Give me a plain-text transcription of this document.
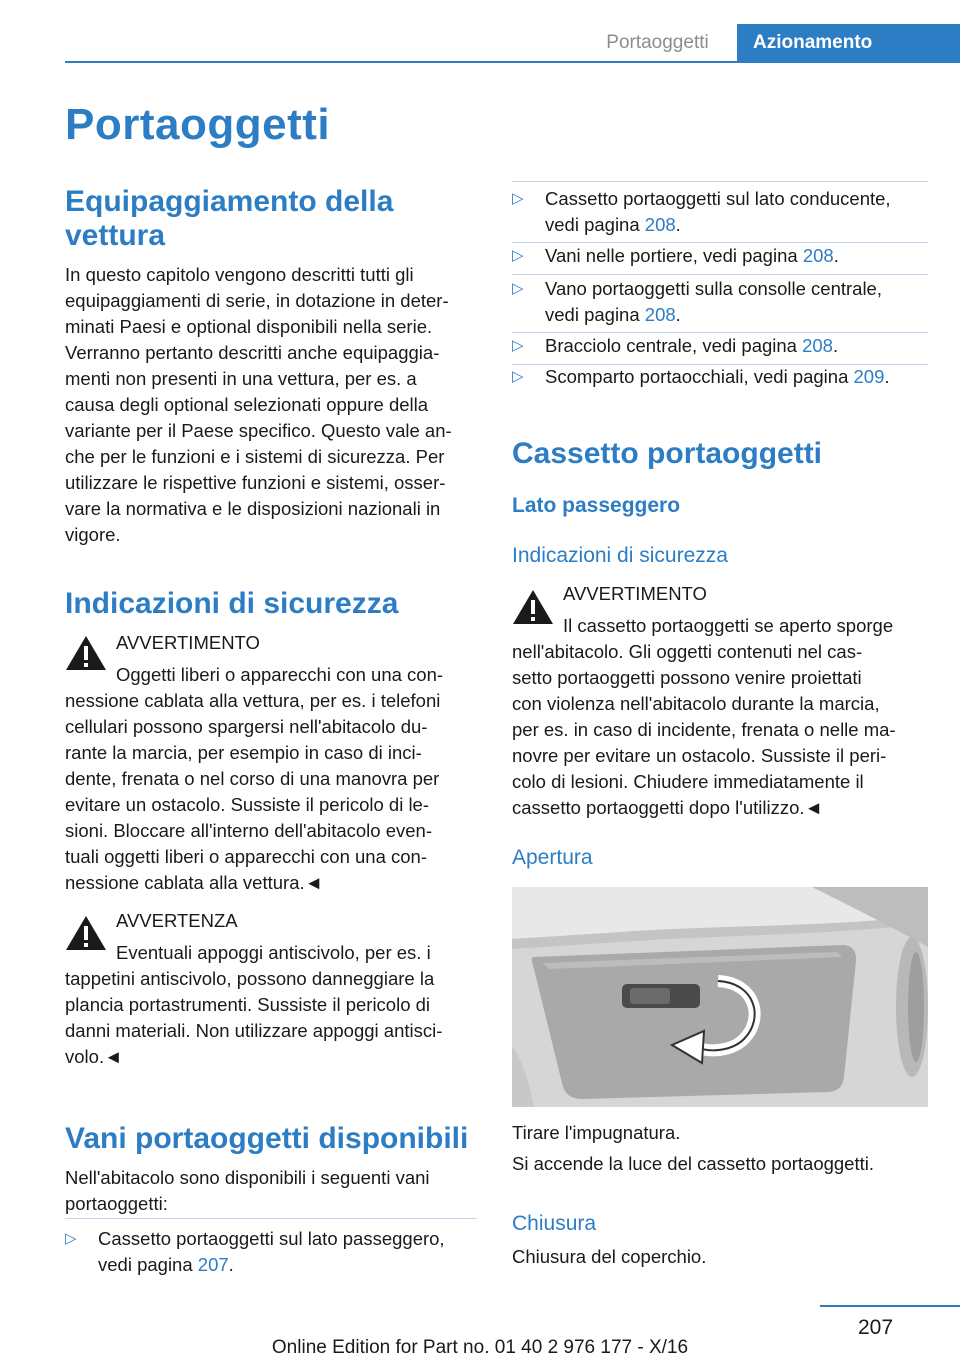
Portaoggetti	Azionamento
Portaoggetti
Equipaggiamento della
vettura
In questo capitolo vengono descritti tutti gli
equipaggiamenti di serie, in dotazione in deter-
minati Paesi e optional disponibili nella serie.
Verranno pertanto descritti anche equipaggia-
menti non presenti in una vettura, per es. a
causa degli optional selezionati oppure della
variante per il Paese specifico. Questo vale an-
che per le funzioni e i sistemi di sicurezza. Per
utilizzare le rispettive funzioni e sistemi, osser-
vare la normativa e le disposizioni nazionali in
vigore.
Indicazioni di sicurezza
AVVERTIMENTO
Oggetti liberi o apparecchi con una con-
nessione cablata alla vettura, per es. i telefoni
cellulari possono spargersi nell'abitacolo du-
rante la marcia, per esempio in caso di inci-
dente, frenata o nel corso di una manovra per
evitare un ostacolo. Sussiste il pericolo di le-
sioni. Bloccare all'interno dell'abitacolo even-
tuali oggetti liberi o apparecchi con una con-
nessione cablata alla vettura.◄
AVVERTENZA
Eventuali appoggi antiscivolo, per es. i
tappetini antiscivolo, possono danneggiare la
plancia portastrumenti. Sussiste il pericolo di
danni materiali. Non utilizzare appoggi antisci-
volo.◄
Vani portaoggetti disponibili
Nell'abitacolo sono disponibili i seguenti vani
portaoggetti:
▷ Cassetto portaoggetti sul lato passeggero,
vedi pagina 207.
▷ Cassetto portaoggetti sul lato conducente,
vedi pagina 208.
▷ Vani nelle portiere, vedi pagina 208.
▷ Vano portaoggetti sulla consolle centrale,
vedi pagina 208.
▷ Bracciolo centrale, vedi pagina 208.
▷ Scomparto portaocchiali, vedi pagina 209.
Cassetto portaoggetti
Lato passeggero
Indicazioni di sicurezza
AVVERTIMENTO
Il cassetto portaoggetti se aperto sporge
nell'abitacolo. Gli oggetti contenuti nel cas-
setto portaoggetti possono venire proiettati
con violenza nell'abitacolo durante la marcia,
per es. in caso di incidente, frenata o nelle ma-
novre per evitare un ostacolo. Sussiste il peri-
colo di lesioni. Chiudere immediatamente il
cassetto portaoggetti dopo l'utilizzo.◄
Apertura
Tirare l'impugnatura.
Si accende la luce del cassetto portaoggetti.
Chiusura
Chiusura del coperchio.
207
Online Edition for Part no. 01 40 2 976 177 - X/16
